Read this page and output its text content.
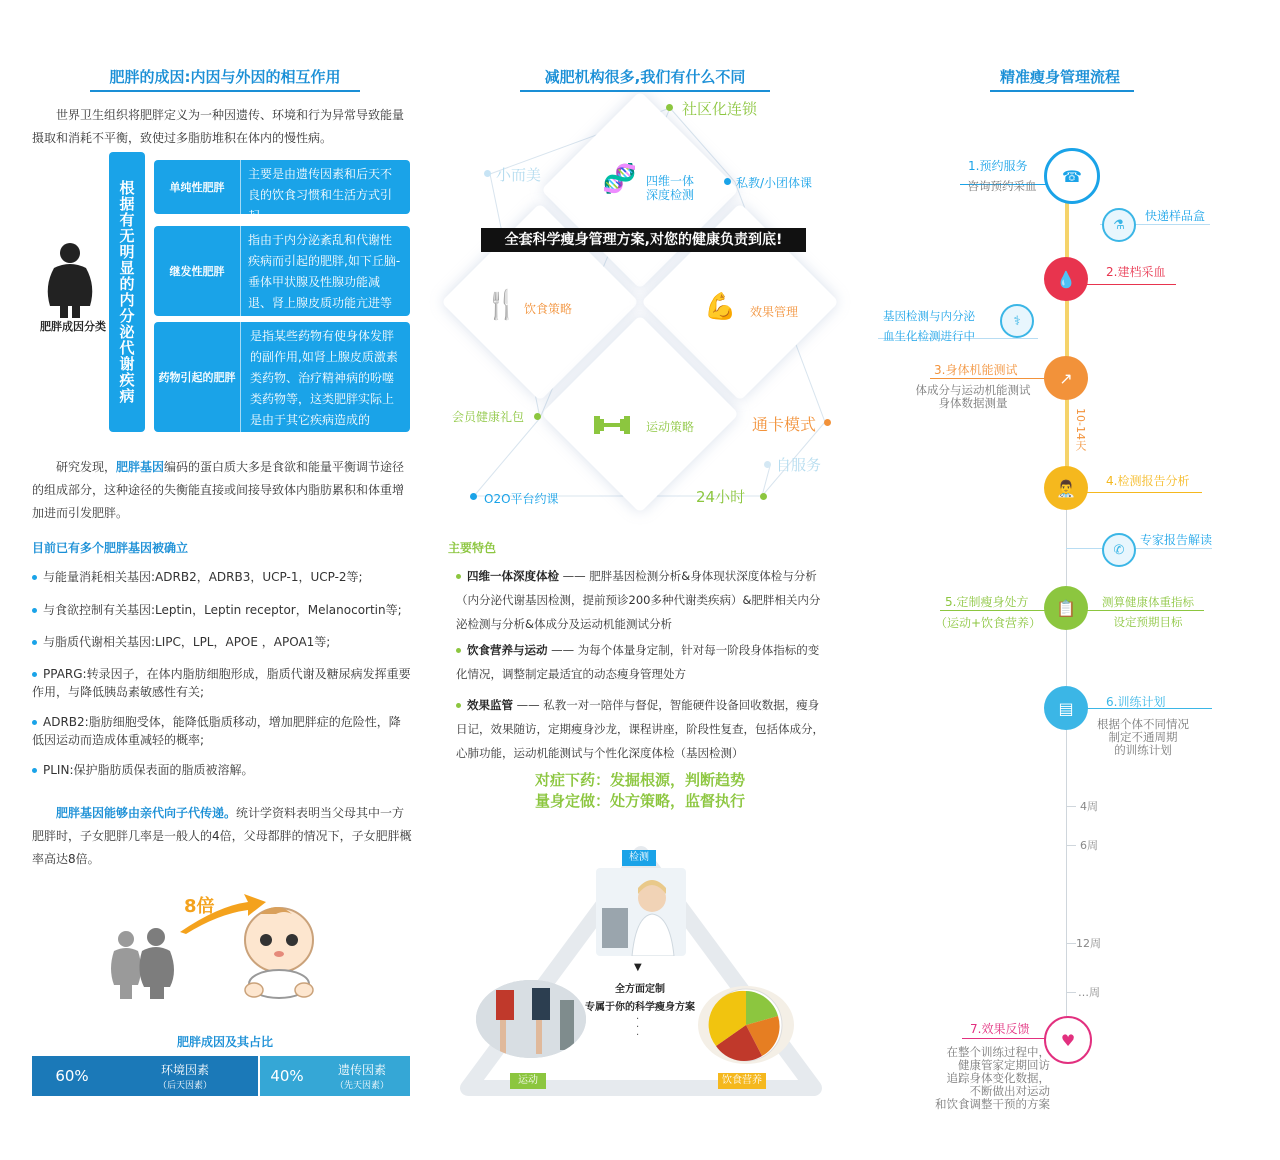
肥胖的成因:内因与外因的相互作用
世界卫生组织将肥胖定义为一种因遗传、环境和行为异常导致能量摄取和消耗不平衡，致使过多脂肪堆积在体内的慢性病。
肥胖成因分类 根据有无明显的内分泌代谢疾病	单纯性肥胖
主要是由遗传因素和后天不良的饮食习惯和生活方式引起
继发性肥胖
指由于内分泌紊乱和代谢性疾病而引起的肥胖,如下丘脑-垂体甲状腺及性腺功能减退、肾上腺皮质功能亢进等
药物引起的肥胖
是指某些药物有使身体发胖的副作用,如肾上腺皮质激素类药物、治疗精神病的吩噻类药物等，这类肥胖实际上是由于其它疾病造成的
研究发现，肥胖基因编码的蛋白质大多是食欲和能量平衡调节途径的组成部分，这种途径的失衡能直接或间接导致体内脂肪累积和体重增加进而引发肥胖。
目前已有多个肥胖基因被确立
与能量消耗相关基因:ADRB2，ADRB3，UCP-1，UCP-2等;
与食欲控制有关基因:Leptin，Leptin receptor，Melanocortin等;
与脂质代谢相关基因:LIPC，LPL，APOE ，APOA1等;
PPARG:转录因子，在体内脂肪细胞形成，脂质代谢及糖尿病发挥重要作用，与降低胰岛素敏感性有关;
ADRB2:脂肪细胞受体，能降低脂质移动，增加肥胖症的危险性，降低因运动而造成体重减轻的概率;
PLIN:保护脂肪质保表面的脂质被溶解。
肥胖基因能够由亲代向子代传递。统计学资料表明当父母其中一方肥胖时，子女肥胖几率是一般人的4倍，父母都胖的情况下，子女肥胖概率高达8倍。
8倍
肥胖成因及其占比
60%	环境因素
（后天因素）
40%	遗传因素
（先天因素）
减肥机构很多,我们有什么不同
🧬 四维一体
深度检测
全套科学瘦身管理方案,对您的健康负责到底!
🍴 饮食策略	💪 效果管理
运动策略
社区化连锁
小而美	私教/小团体课
会员健康礼包	通卡模式
自服务
O2O平台约课	24小时
主要特色
四维一体深度体检 —— 肥胖基因检测分析&身体现状深度体检与分析（内分泌代谢基因检测，提前预诊200多种代谢类疾病）&肥胖相关内分泌检测与分析&体成分及运动机能测试分析
饮食营养与运动 —— 为每个体量身定制，针对每一阶段身体指标的变化情况，调整制定最适宜的动态瘦身管理处方
效果监管 —— 私教一对一陪伴与督促，智能硬件设备回收数据，瘦身日记，效果随访，定期瘦身沙龙，课程讲座，阶段性复查，包括体成分，心肺功能，运动机能测试与个性化深度体检（基因检测）
对症下药：发掘根源，判断趋势
量身定做：处方策略，监督执行
检测
▼
全方面定制
专属于你的科学瘦身方案
·
·
·
运动	饮食营养
精准瘦身管理流程
10-14天
☎
1.预约服务
咨询预约采血
⚗
快递样品盒
💧	2.建档采血
⚕
基因检测与内分泌
血生化检测进行中
↗
3.身体机能测试
体成分与运动机能测试
身体数据测量
👨‍⚕	4.检测报告分析
✆
专家报告解读
📋
5.定制瘦身处方
（运动+饮食营养）
测算健康体重指标
设定预期目标
▤	6.训练计划
根据个体不同情况
制定不通周期
的训练计划
4周
6周
12周
…周
♥
7.效果反馈
在整个训练过程中，
健康管家定期回访
追踪身体变化数据，
不断做出对运动
和饮食调整干预的方案
